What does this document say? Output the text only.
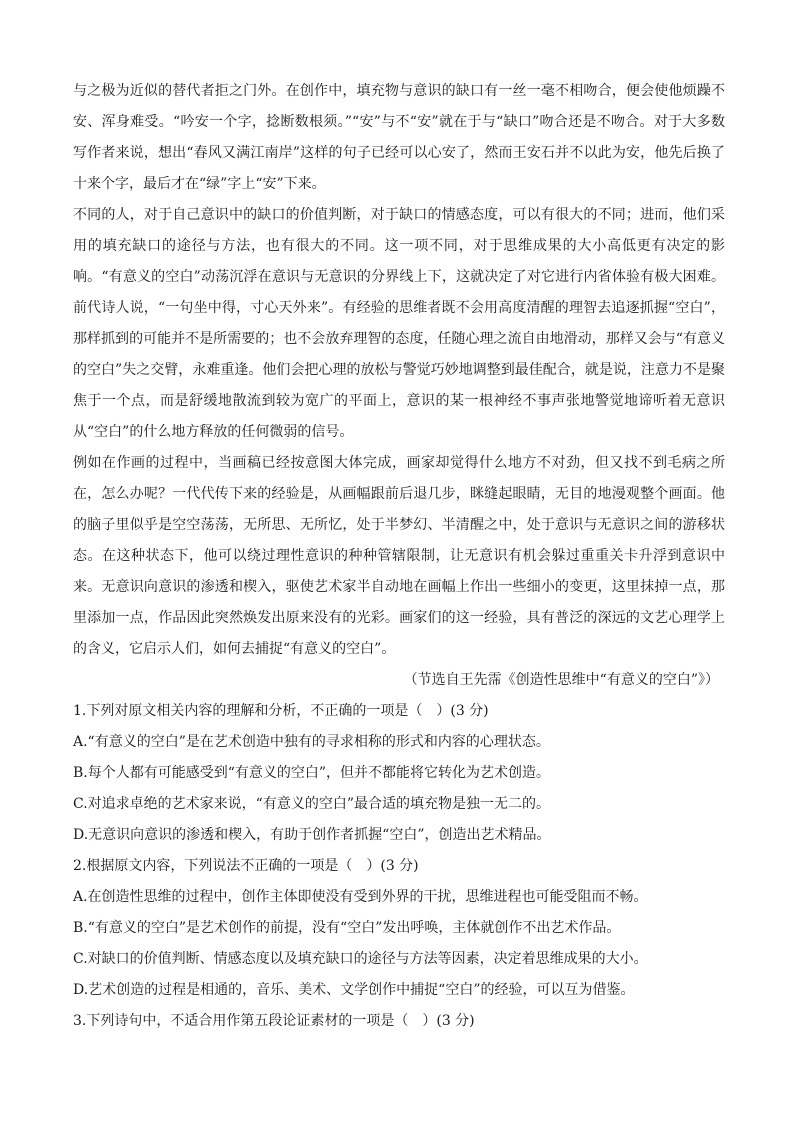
与之极为近似的替代者拒之门外。在创作中，填充物与意识的缺口有一丝一毫不相吻合，便会使他烦躁不安、浑身难受。“吟安一个字，捻断数根须。”“安”与不“安”就在于与“缺口”吻合还是不吻合。对于大多数写作者来说，想出“春风又满江南岸”这样的句子已经可以心安了，然而王安石并不以此为安，他先后换了十来个字，最后才在“绿”字上“安”下来。

不同的人，对于自己意识中的缺口的价值判断，对于缺口的情感态度，可以有很大的不同；进而，他们采用的填充缺口的途径与方法，也有很大的不同。这一项不同，对于思维成果的大小高低更有决定的影响。“有意义的空白”动荡沉浮在意识与无意识的分界线上下，这就决定了对它进行内省体验有极大困难。前代诗人说，“一句坐中得，寸心天外来”。有经验的思维者既不会用高度清醒的理智去追逐抓握“空白”，那样抓到的可能并不是所需要的；也不会放弃理智的态度，任随心理之流自由地滑动，那样又会与“有意义的空白”失之交臂，永难重逢。他们会把心理的放松与警觉巧妙地调整到最佳配合，就是说，注意力不是聚焦于一个点，而是舒缓地散流到较为宽广的平面上，意识的某一根神经不事声张地警觉地谛听着无意识从“空白”的什么地方释放的任何微弱的信号。

例如在作画的过程中，当画稿已经按意图大体完成，画家却觉得什么地方不对劲，但又找不到毛病之所在，怎么办呢？一代代传下来的经验是，从画幅跟前后退几步，眯缝起眼睛，无目的地漫观整个画面。他的脑子里似乎是空空荡荡，无所思、无所忆，处于半梦幻、半清醒之中，处于意识与无意识之间的游移状态。在这种状态下，他可以绕过理性意识的种种管辖限制，让无意识有机会躲过重重关卡升浮到意识中来。无意识向意识的渗透和楔入，驱使艺术家半自动地在画幅上作出一些细小的变更，这里抹掉一点，那里添加一点，作品因此突然焕发出原来没有的光彩。画家们的这一经验，具有普泛的深远的文艺心理学上的含义，它启示人们，如何去捕捉“有意义的空白”。

（节选自王先霈《创造性思维中“有意义的空白”》）

1.下列对原文相关内容的理解和分析，不正确的一项是（　）(3 分)

A.“有意义的空白”是在艺术创造中独有的寻求相称的形式和内容的心理状态。

B.每个人都有可能感受到“有意义的空白”，但并不都能将它转化为艺术创造。

C.对追求卓绝的艺术家来说，“有意义的空白”最合适的填充物是独一无二的。

D.无意识向意识的渗透和楔入，有助于创作者抓握“空白”，创造出艺术精品。

2.根据原文内容，下列说法不正确的一项是（　）(3 分)

A.在创造性思维的过程中，创作主体即使没有受到外界的干扰，思维进程也可能受阻而不畅。

B.“有意义的空白”是艺术创作的前提，没有“空白”发出呼唤，主体就创作不出艺术作品。

C.对缺口的价值判断、情感态度以及填充缺口的途径与方法等因素，决定着思维成果的大小。

D.艺术创造的过程是相通的，音乐、美术、文学创作中捕捉“空白”的经验，可以互为借鉴。

3.下列诗句中，不适合用作第五段论证素材的一项是（　）(3 分)
